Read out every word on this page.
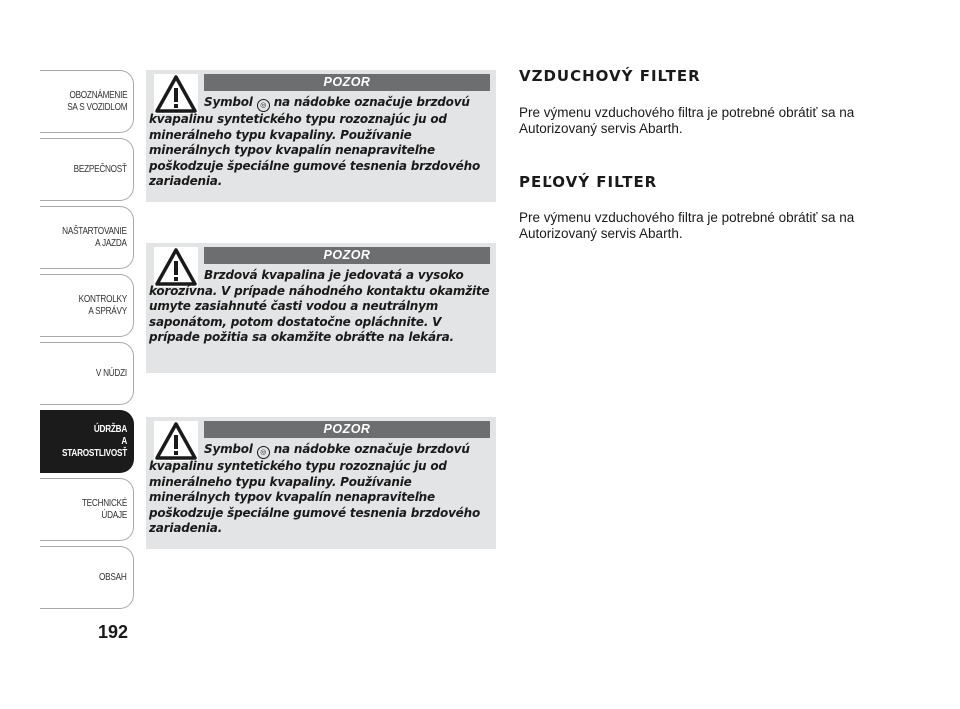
OBOZNÁMENIE
SA S VOZIDLOM
BEZPEČNOSŤ
NAŠTARTOVANIE
A JAZDA
KONTROLKY
A SPRÁVY
V NÚDZI
ÚDRŽBA
A STAROSTLIVOSŤ
TECHNICKÉ
ÚDAJE
OBSAH
192
POZOR
Symbol ◎ na nádobke označuje brzdovú
kvapalinu syntetického typu rozoznajúc ju od minerálneho typu kvapaliny. Používanie minerálnych typov kvapalín nenapraviteľne poškodzuje špeciálne gumové tesnenia brzdového zariadenia.
POZOR
Brzdová kvapalina je jedovatá a vysoko
korozívna. V prípade náhodného kontaktu okamžite umyte zasiahnuté časti vodou a neutrálnym saponátom, potom dostatočne opláchnite. V prípade požitia sa okamžite obráťte na lekára.
POZOR
Symbol ◎ na nádobke označuje brzdovú
kvapalinu syntetického typu rozoznajúc ju od minerálneho typu kvapaliny. Používanie minerálnych typov kvapalín nenapraviteľne poškodzuje špeciálne gumové tesnenia brzdového zariadenia.
VZDUCHOVÝ FILTER
Pre výmenu vzduchového filtra je potrebné obrátiť sa na Autorizovaný servis Abarth.
PEĽOVÝ FILTER
Pre výmenu vzduchového filtra je potrebné obrátiť sa na Autorizovaný servis Abarth.
